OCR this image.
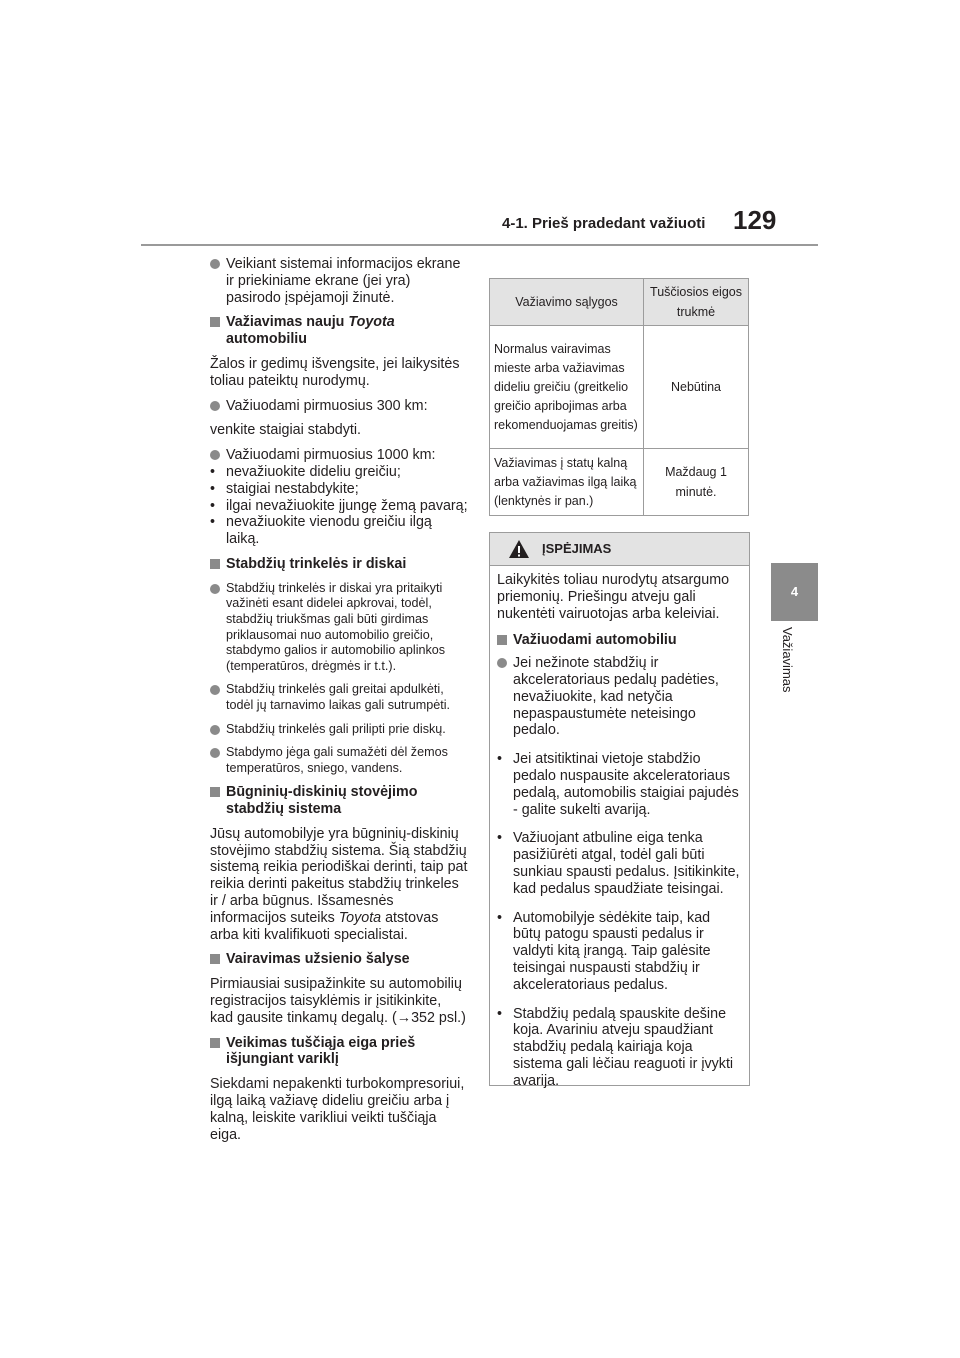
4-1. Prieš pradedant važiuoti 129
4
Važiavimas
Veikiant sistemai informacijos ekrane ir priekiniame ekrane (jei yra) pasirodo įspėjamoji žinutė.
Važiavimas nauju Toyota
automobiliu
Žalos ir gedimų išvengsite, jei laikysitės toliau pateiktų nurodymų.
Važiuodami pirmuosius 300 km:
venkite staigiai stabdyti.
Važiuodami pirmuosius 1000 km:
• nevažiuokite dideliu greičiu;
• staigiai nestabdykite;
• ilgai nevažiuokite įjungę žemą pavarą;
• nevažiuokite vienodu greičiu ilgą laiką.
Stabdžių trinkelės ir diskai
Stabdžių trinkelės ir diskai yra pritaikyti važinėti esant didelei apkrovai, todėl, stabdžių triukšmas gali būti girdimas priklausomai nuo automobilio greičio, stabdymo galios ir automobilio aplinkos (temperatūros, drėgmės ir t.t.).
Stabdžių trinkelės gali greitai apdulkėti, todėl jų tarnavimo laikas gali sutrumpėti.
Stabdžių trinkelės gali prilipti prie diskų.
Stabdymo jėga gali sumažėti dėl žemos temperatūros, sniego, vandens.
Būgninių-diskinių stovėjimo stabdžių sistema
Jūsų automobilyje yra būgninių-diskinių stovėjimo stabdžių sistema. Šią stabdžių sistemą reikia periodiškai derinti, taip pat reikia derinti pakeitus stabdžių trinkeles ir / arba būgnus. Išsamesnės informacijos suteiks Toyota atstovas arba kiti kvalifikuoti specialistai.
Vairavimas užsienio šalyse
Pirmiausiai susipažinkite su automobilių registracijos taisyklėmis ir įsitikinkite, kad gausite tinkamų degalų. (→352 psl.)
Veikimas tuščiąja eiga prieš išjungiant variklį
Siekdami nepakenkti turbokompresoriui, ilgą laiką važiavę dideliu greičiu arba į kalną, leiskite varikliui veikti tuščiąja eiga.
Važiavimo sąlygos	Tuščiosios eigos trukmė
Normalus vairavimas mieste arba važiavimas dideliu greičiu (greitkelio greičio apribojimas arba rekomenduojamas greitis)	Nebūtina
Važiavimas į statų kalną arba važiavimas ilgą laiką (lenktynės ir pan.)	Maždaug 1 minutė.
ĮSPĖJIMAS
Laikykitės toliau nurodytų atsargumo priemonių. Priešingu atveju gali nukentėti vairuotojas arba keleiviai.
Važiuodami automobiliu
Jei nežinote stabdžių ir akceleratoriaus pedalų padėties, nevažiuokite, kad netyčia nepaspaustumėte neteisingo pedalo.
• Jei atsitiktinai vietoje stabdžio pedalo nuspausite akceleratoriaus pedalą, automobilis staigiai pajudės - galite sukelti avariją.
• Važiuojant atbuline eiga tenka pasižiūrėti atgal, todėl gali būti sunkiau spausti pedalus. Įsitikinkite, kad pedalus spaudžiate teisingai.
• Automobilyje sėdėkite taip, kad būtų patogu spausti pedalus ir valdyti kitą įrangą. Taip galėsite teisingai nuspausti stabdžių ir akceleratoriaus pedalus.
• Stabdžių pedalą spauskite dešine koja. Avariniu atveju spaudžiant stabdžių pedalą kairiąja koja sistema gali lėčiau reaguoti ir įvykti avarija.
